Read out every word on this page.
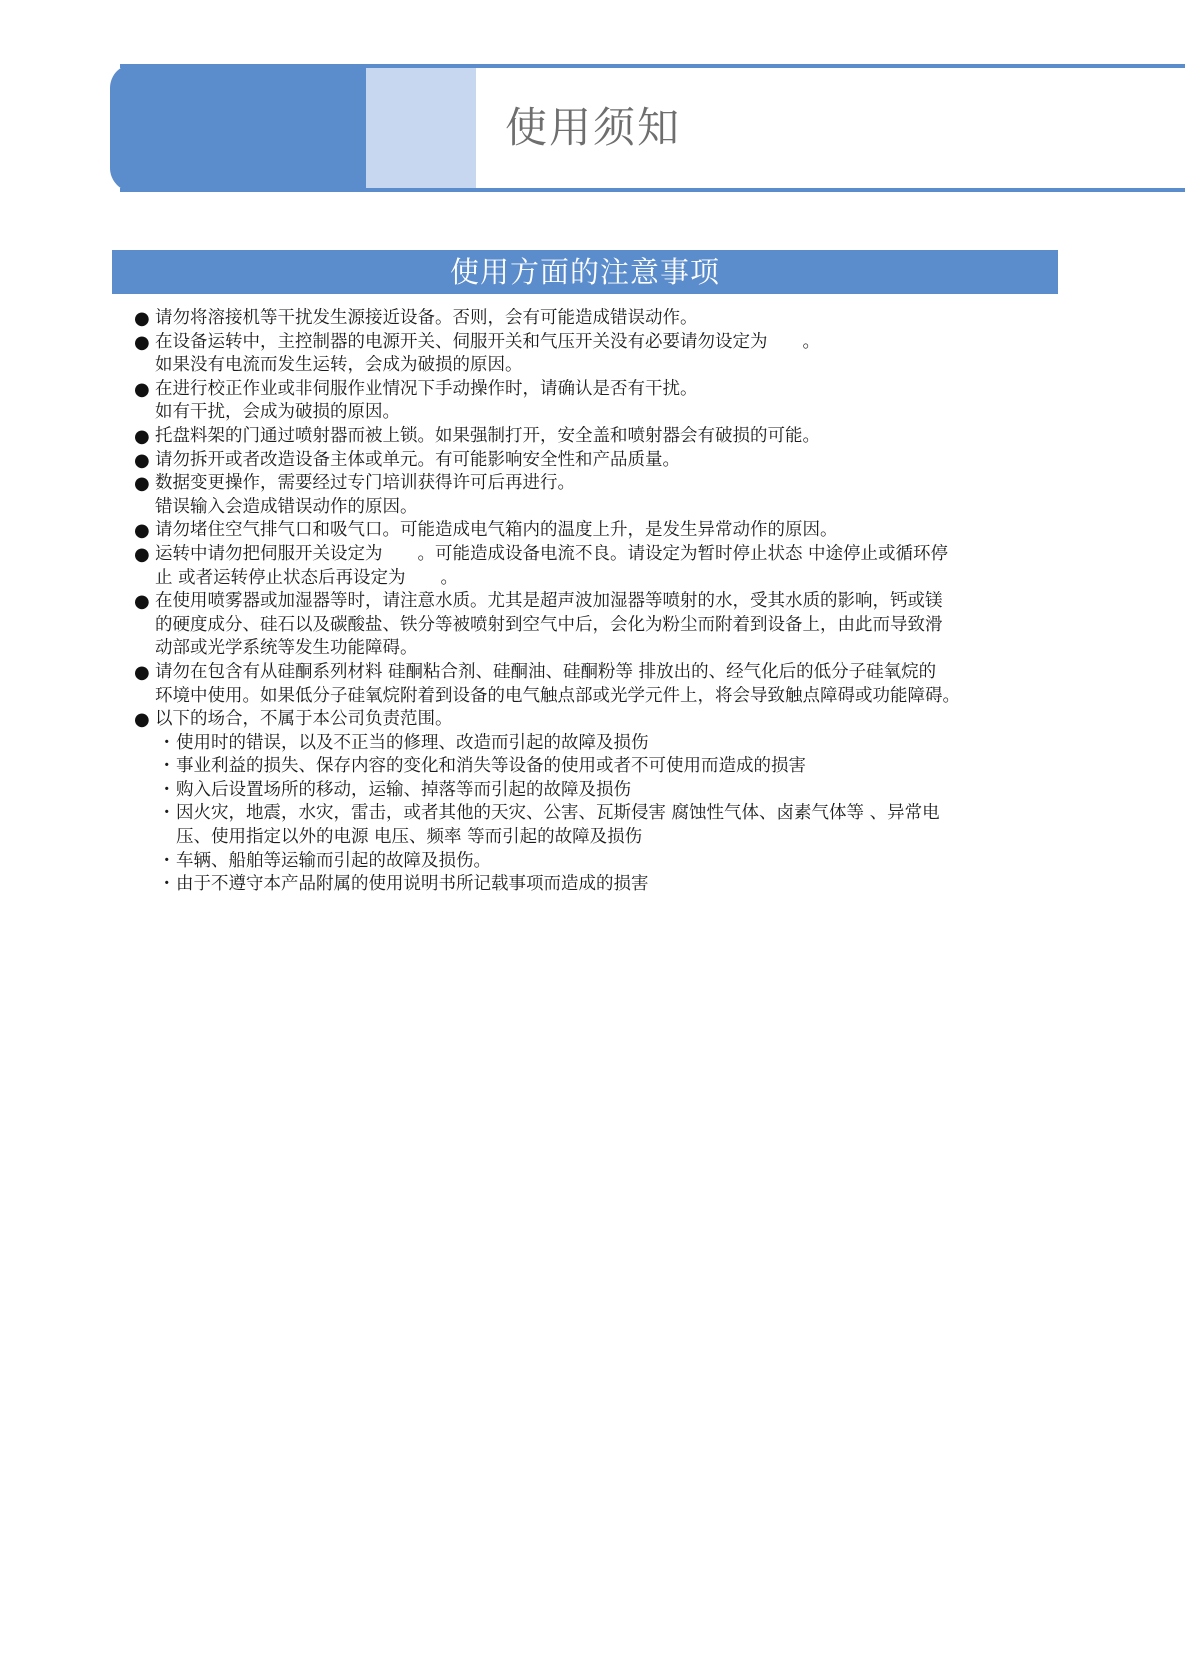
使用须知
使用方面的注意事项
● 请勿将溶接机等干扰发生源接近设备。否则，会有可能造成错误动作。
● 在设备运转中，主控制器的电源开关、伺服开关和气压开关没有必要请勿设定为　　。
如果没有电流而发生运转，会成为破损的原因。
● 在进行校正作业或非伺服作业情况下手动操作时，请确认是否有干扰。
如有干扰，会成为破损的原因。
● 托盘料架的门通过喷射器而被上锁。如果强制打开，安全盖和喷射器会有破损的可能。
● 请勿拆开或者改造设备主体或单元。有可能影响安全性和产品质量。
● 数据变更操作，需要经过专门培训获得许可后再进行。
错误输入会造成错误动作的原因。
● 请勿堵住空气排气口和吸气口。可能造成电气箱内的温度上升，是发生异常动作的原因。
● 运转中请勿把伺服开关设定为　　。可能造成设备电流不良。请设定为暂时停止状态 中途停止或循环停
止 或者运转停止状态后再设定为　　。
● 在使用喷雾器或加湿器等时，请注意水质。尤其是超声波加湿器等喷射的水，受其水质的影响，钙或镁
的硬度成分、硅石以及碳酸盐、铁分等被喷射到空气中后，会化为粉尘而附着到设备上，由此而导致滑
动部或光学系统等发生功能障碍。
● 请勿在包含有从硅酮系列材料 硅酮粘合剂、硅酮油、硅酮粉等 排放出的、经气化后的低分子硅氧烷的
环境中使用。如果低分子硅氧烷附着到设备的电气触点部或光学元件上，将会导致触点障碍或功能障碍。
● 以下的场合，不属于本公司负责范围。
・ 使用时的错误，以及不正当的修理、改造而引起的故障及损伤
・ 事业利益的损失、保存内容的变化和消失等设备的使用或者不可使用而造成的损害
・ 购入后设置场所的移动，运输、掉落等而引起的故障及损伤
・ 因火灾，地震，水灾，雷击，或者其他的天灾、公害、瓦斯侵害 腐蚀性气体、卤素气体等 、异常电
压、使用指定以外的电源 电压、频率 等而引起的故障及损伤
・ 车辆、船舶等运输而引起的故障及损伤。
・ 由于不遵守本产品附属的使用说明书所记载事项而造成的损害
